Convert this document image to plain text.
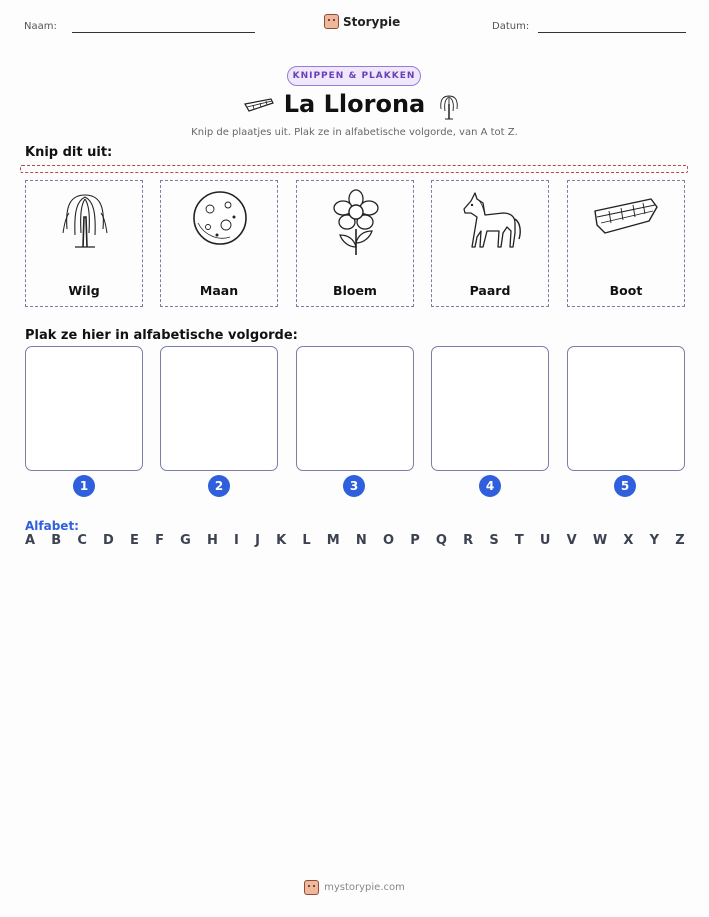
Naam:	Storypie	Datum:
KNIPPEN & PLAKKEN
La Llorona
Knip de plaatjes uit. Plak ze in alfabetische volgorde, van A tot Z.
Knip dit uit:
Wilg	Maan	Bloem	Paard	Boot
Plak ze hier in alfabetische volgorde:
1	2	3	4	5
Alfabet:
A B C D E F G H I J K L M N O P Q R S T U V W X Y Z
mystorypie.com
